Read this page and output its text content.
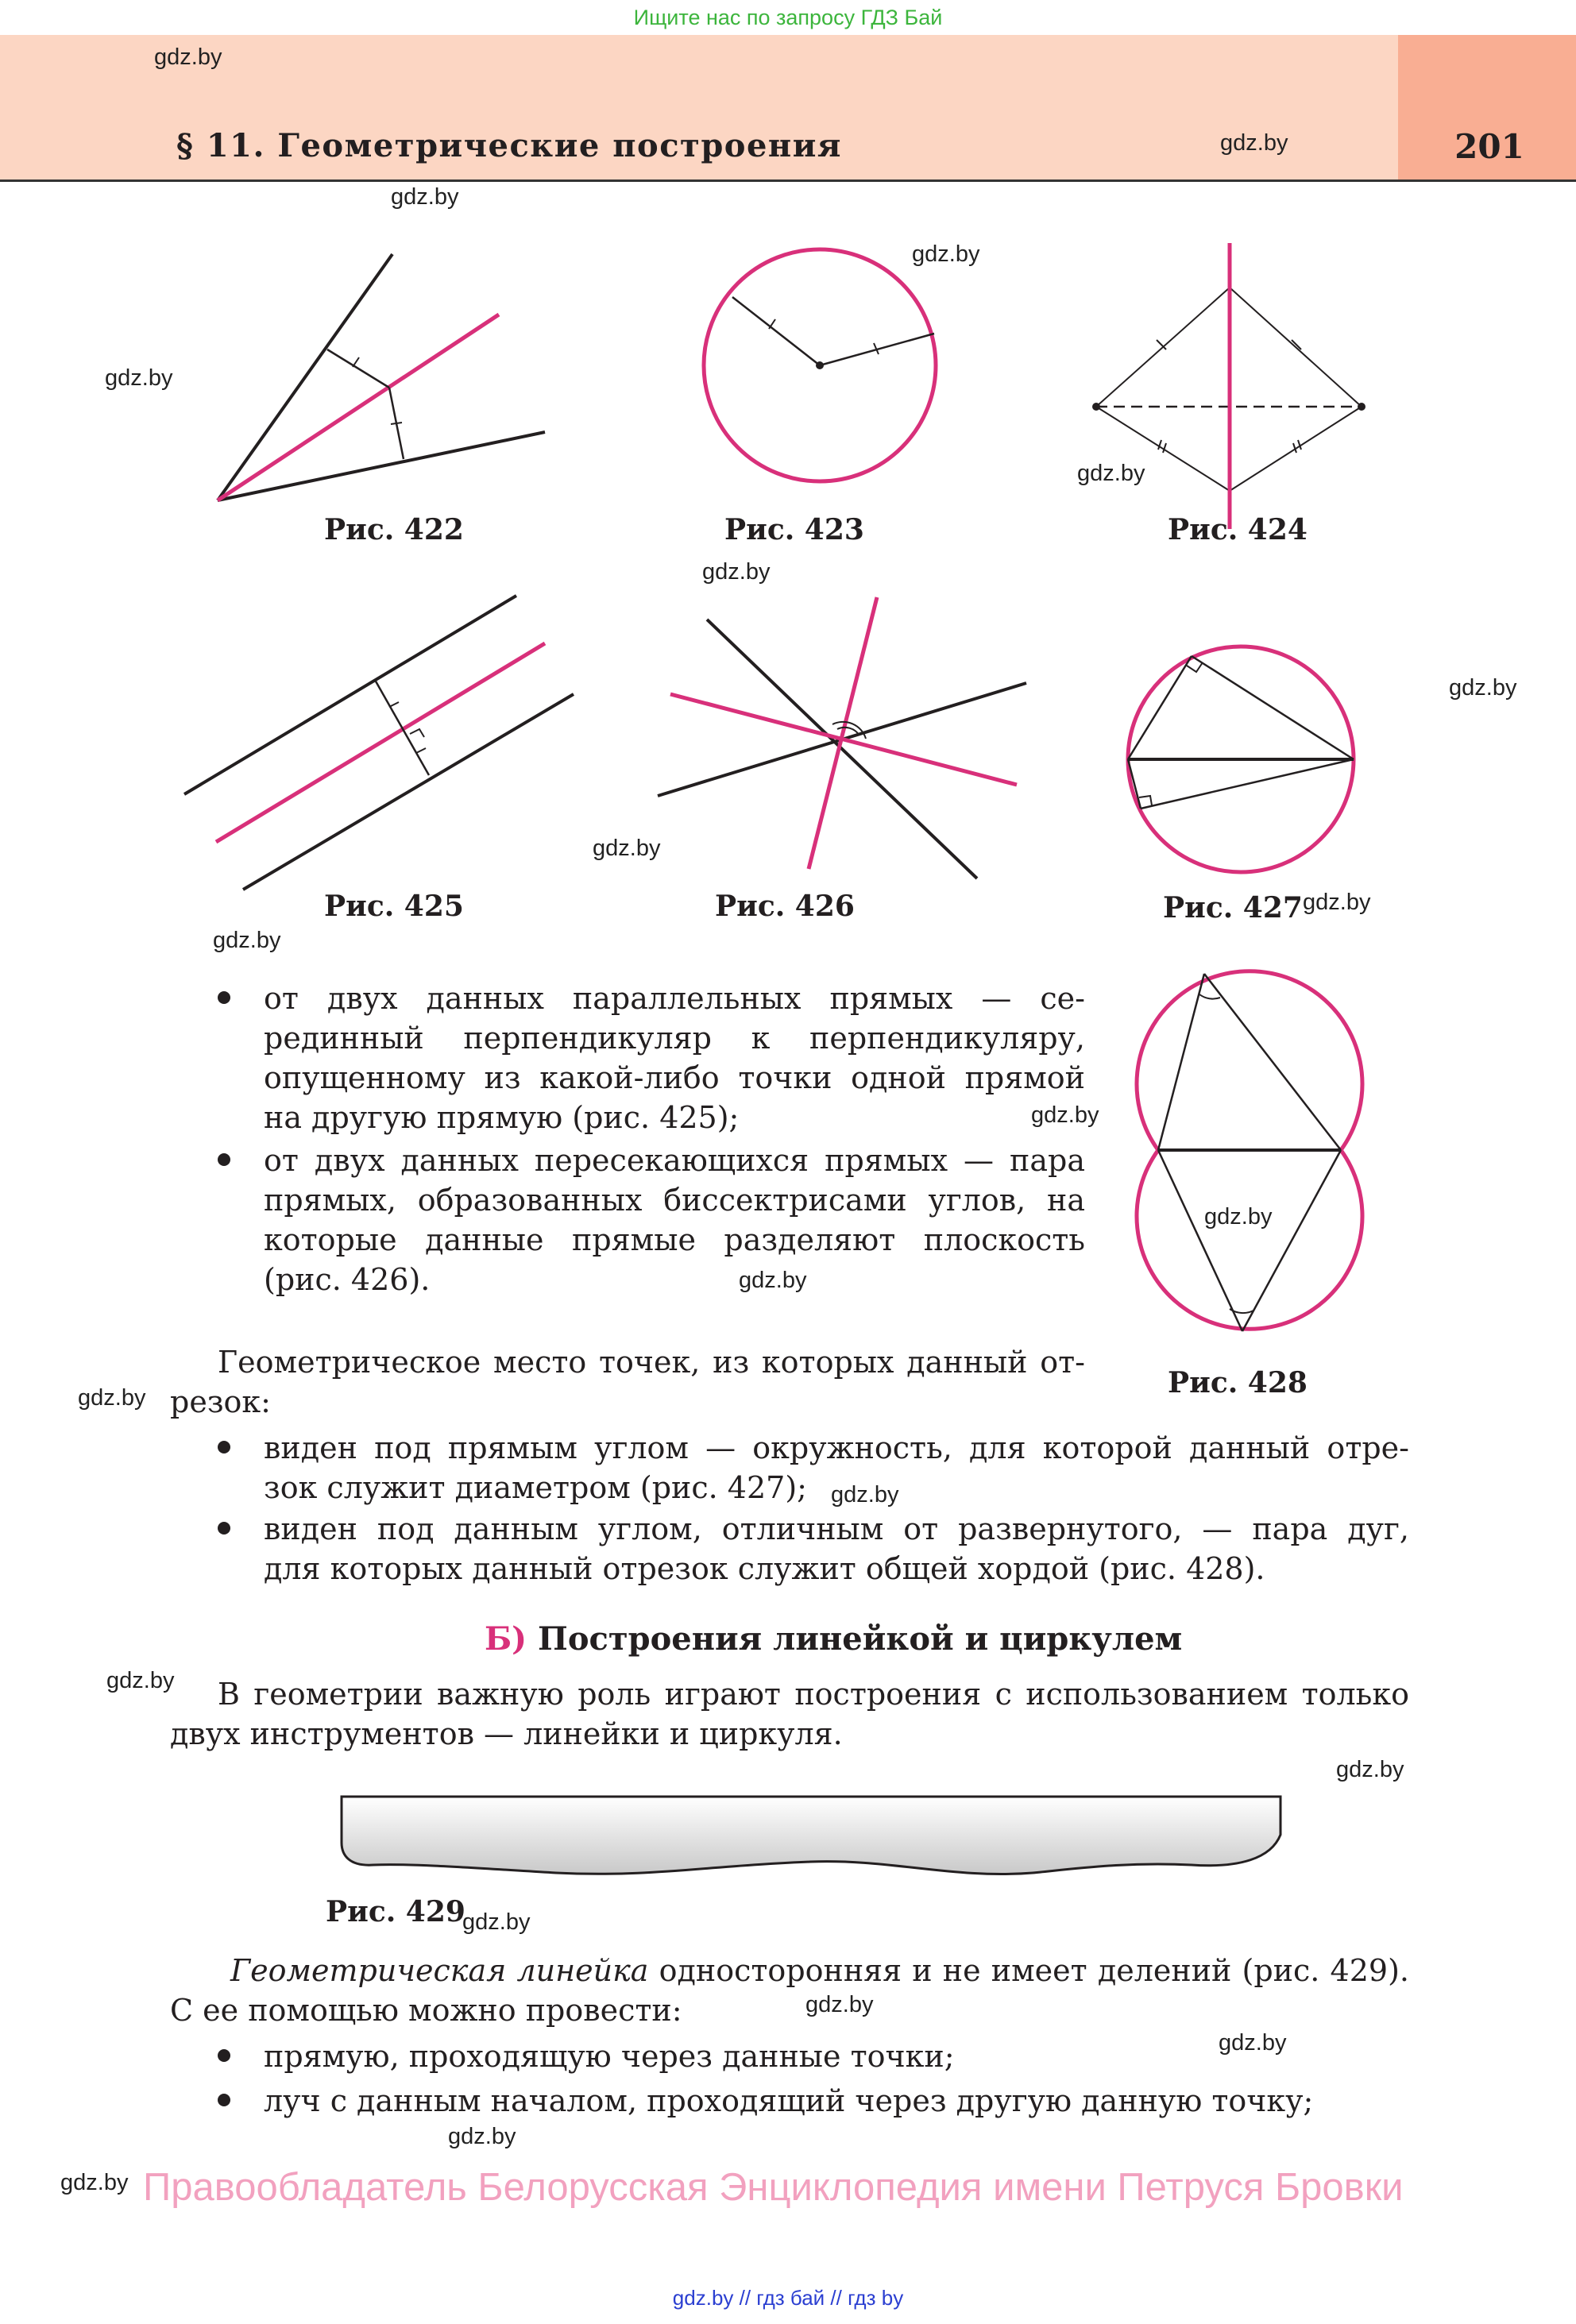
Ищите нас по запросу ГДЗ Бай
§ 11. Геометрические построения	201
gdz.by
gdz.by
gdz.by
gdz.by
gdz.by
gdz.by
gdz.by
gdz.by
gdz.by
gdz.by
gdz.by
gdz.by
gdz.by
gdz.by
gdz.by
gdz.by
gdz.by
gdz.by
gdz.by
gdz.by
gdz.by
gdz.by
gdz.by
Рис. 422	Рис. 423	Рис. 424
Рис. 425	Рис. 426	Рис. 427
Рис. 428
Рис. 429
от двух данных параллельных прямых — се-
рединный перпендикуляр к перпендикуляру,
опущенному из какой-либо точки одной прямой
на другую прямую (рис. 425);
от двух данных пересекающихся прямых — пара
прямых, образованных биссектрисами углов, на
которые данные прямые разделяют плоскость
(рис. 426).
Геометрическое место точек, из которых данный от-
резок:
виден под прямым углом — окружность, для которой данный отре-
зок служит диаметром (рис. 427);
виден под данным углом, отличным от развернутого, — пара дуг,
для которых данный отрезок служит общей хордой (рис. 428).
Б) Построения линейкой и циркулем
В геометрии важную роль играют построения с использованием только
двух инструментов — линейки и циркуля.
Геометрическая линейка односторонняя и не имеет делений (рис. 429).
С ее помощью можно провести:
прямую, проходящую через данные точки;
луч с данным началом, проходящий через другую данную точку;
Правообладатель Белорусская Энциклопедия имени Петруся Бровки
gdz.by // гдз бай // гдз by
